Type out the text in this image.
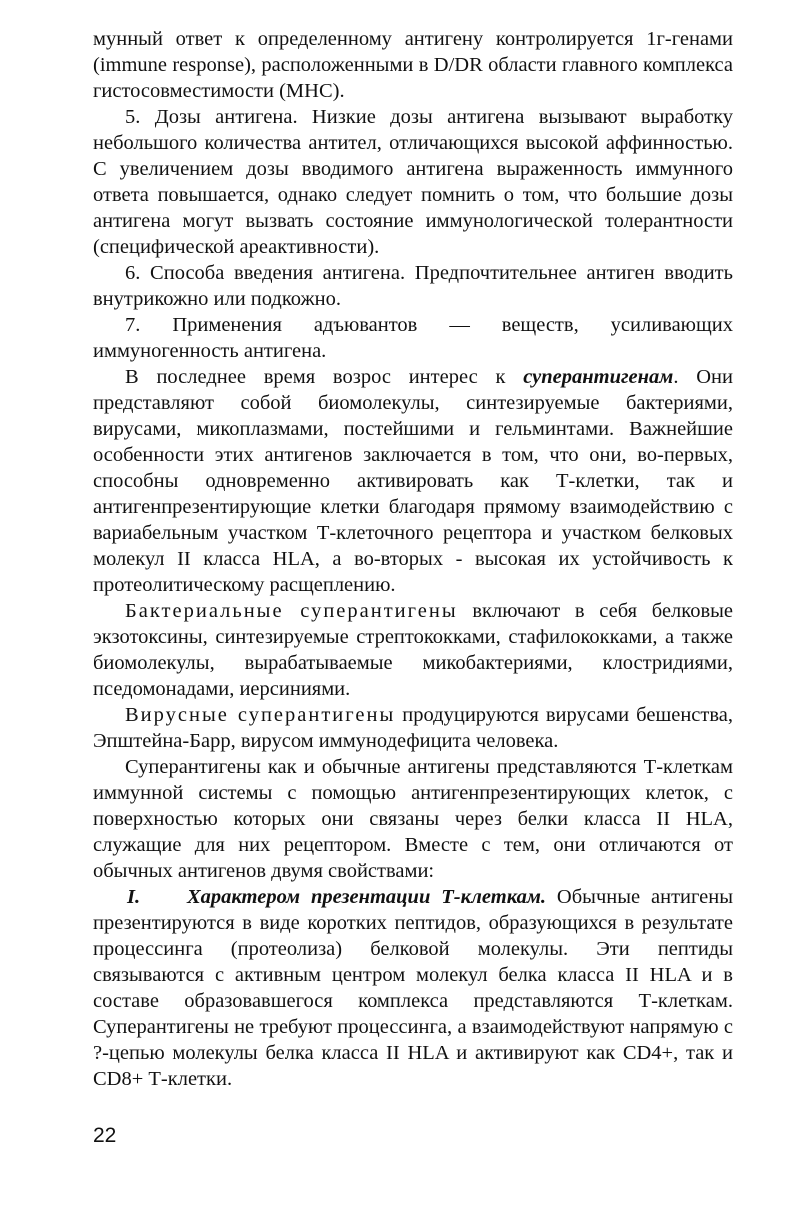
мунный ответ к определенному антигену контролируется 1г-генами (immune response), расположенными в D/DR области главного комплекса гистосовместимости (МНС).

5. Дозы антигена. Низкие дозы антигена вызывают выработку небольшого количества антител, отличающихся высокой аффинностью. С увеличением дозы вводимого антигена выраженность иммунного ответа повышается, однако следует помнить о том, что большие дозы антигена могут вызвать состояние иммунологической толерантности (специфической ареактивности).

6. Способа введения антигена. Предпочтительнее антиген вводить внутрикожно или подкожно.

7. Применения адъювантов — веществ, усиливающих иммуногенность антигена.

В последнее время возрос интерес к суперантигенам. Они представляют собой биомолекулы, синтезируемые бактериями, вирусами, микоплазмами, постейшими и гельминтами. Важнейшие особенности этих антигенов заключается в том, что они, во-первых, способны одновременно активировать как Т-клетки, так и антигенпрезентирующие клетки благодаря прямому взаимодействию с вариабельным участком Т-клеточного рецептора и участком белковых молекул II класса HLA, а во-вторых - высокая их устойчивость к протеолитическому расщеплению.

Бактериальные суперантигены включают в себя белковые экзотоксины, синтезируемые стрептококками, стафилококками, а также биомолекулы, вырабатываемые микобактериями, клостридиями, пседомонадами, иерсиниями.

Вирусные суперантигены продуцируются вирусами бешенства, Эпштейна-Барр, вирусом иммунодефицита человека.

Суперантигены как и обычные антигены представляются Т-клеткам иммунной системы с помощью антигенпрезентирующих клеток, с поверхностью которых они связаны через белки класса II HLA, служащие для них рецептором. Вместе с тем, они отличаются от обычных антигенов двумя свойствами:

I. Характером презентации Т-клеткам. Обычные антигены презентируются в виде коротких пептидов, образующихся в результате процессинга (протеолиза) белковой молекулы. Эти пептиды связываются с активным центром молекул белка класса II HLA и в составе образовавшегося комплекса представляются Т-клеткам. Суперантигены не требуют процессинга, а взаимодействуют напрямую с ?-цепью молекулы белка класса II HLA и активируют как CD4+, так и CD8+ Т-клетки.

22
